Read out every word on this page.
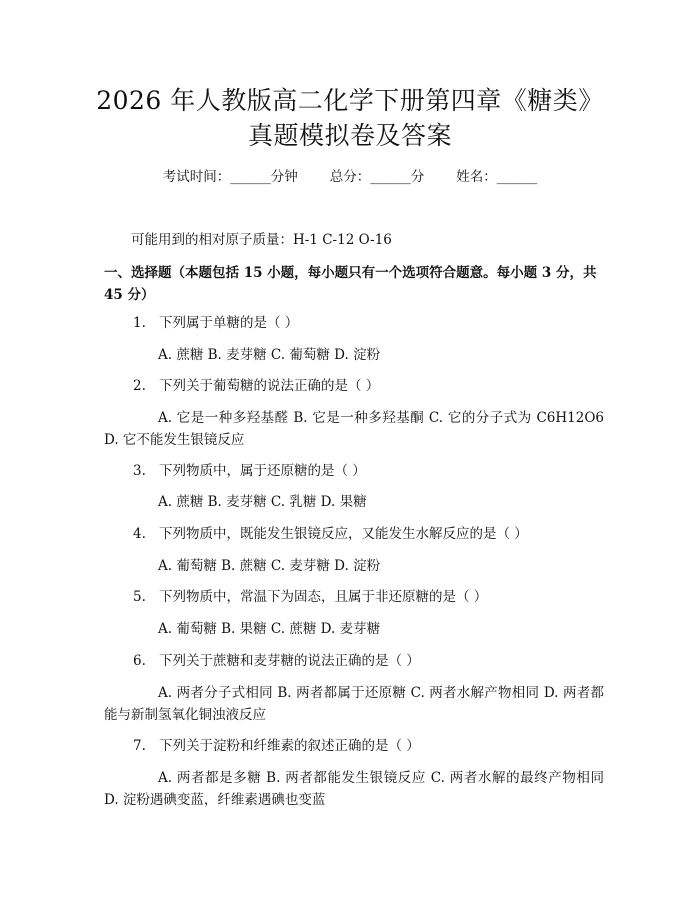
2026 年人教版高二化学下册第四章《糖类》
真题模拟卷及答案
考试时间：______分钟 总分：______分 姓名：______
可能用到的相对原子质量：H-1 C-12 O-16
一、选择题（本题包括 15 小题，每小题只有一个选项符合题意。每小题 3 分，共 45 分）
1. 下列属于单糖的是（ ）
A. 蔗糖 B. 麦芽糖 C. 葡萄糖 D. 淀粉
2. 下列关于葡萄糖的说法正确的是（ ）
A. 它是一种多羟基醛 B. 它是一种多羟基酮 C. 它的分子式为 C6H12O6 D. 它不能发生银镜反应
3. 下列物质中，属于还原糖的是（ ）
A. 蔗糖 B. 麦芽糖 C. 乳糖 D. 果糖
4. 下列物质中，既能发生银镜反应，又能发生水解反应的是（ ）
A. 葡萄糖 B. 蔗糖 C. 麦芽糖 D. 淀粉
5. 下列物质中，常温下为固态，且属于非还原糖的是（ ）
A. 葡萄糖 B. 果糖 C. 蔗糖 D. 麦芽糖
6. 下列关于蔗糖和麦芽糖的说法正确的是（ ）
A. 两者分子式相同 B. 两者都属于还原糖 C. 两者水解产物相同 D. 两者都能与新制氢氧化铜浊液反应
7. 下列关于淀粉和纤维素的叙述正确的是（ ）
A. 两者都是多糖 B. 两者都能发生银镜反应 C. 两者水解的最终产物相同 D. 淀粉遇碘变蓝，纤维素遇碘也变蓝
